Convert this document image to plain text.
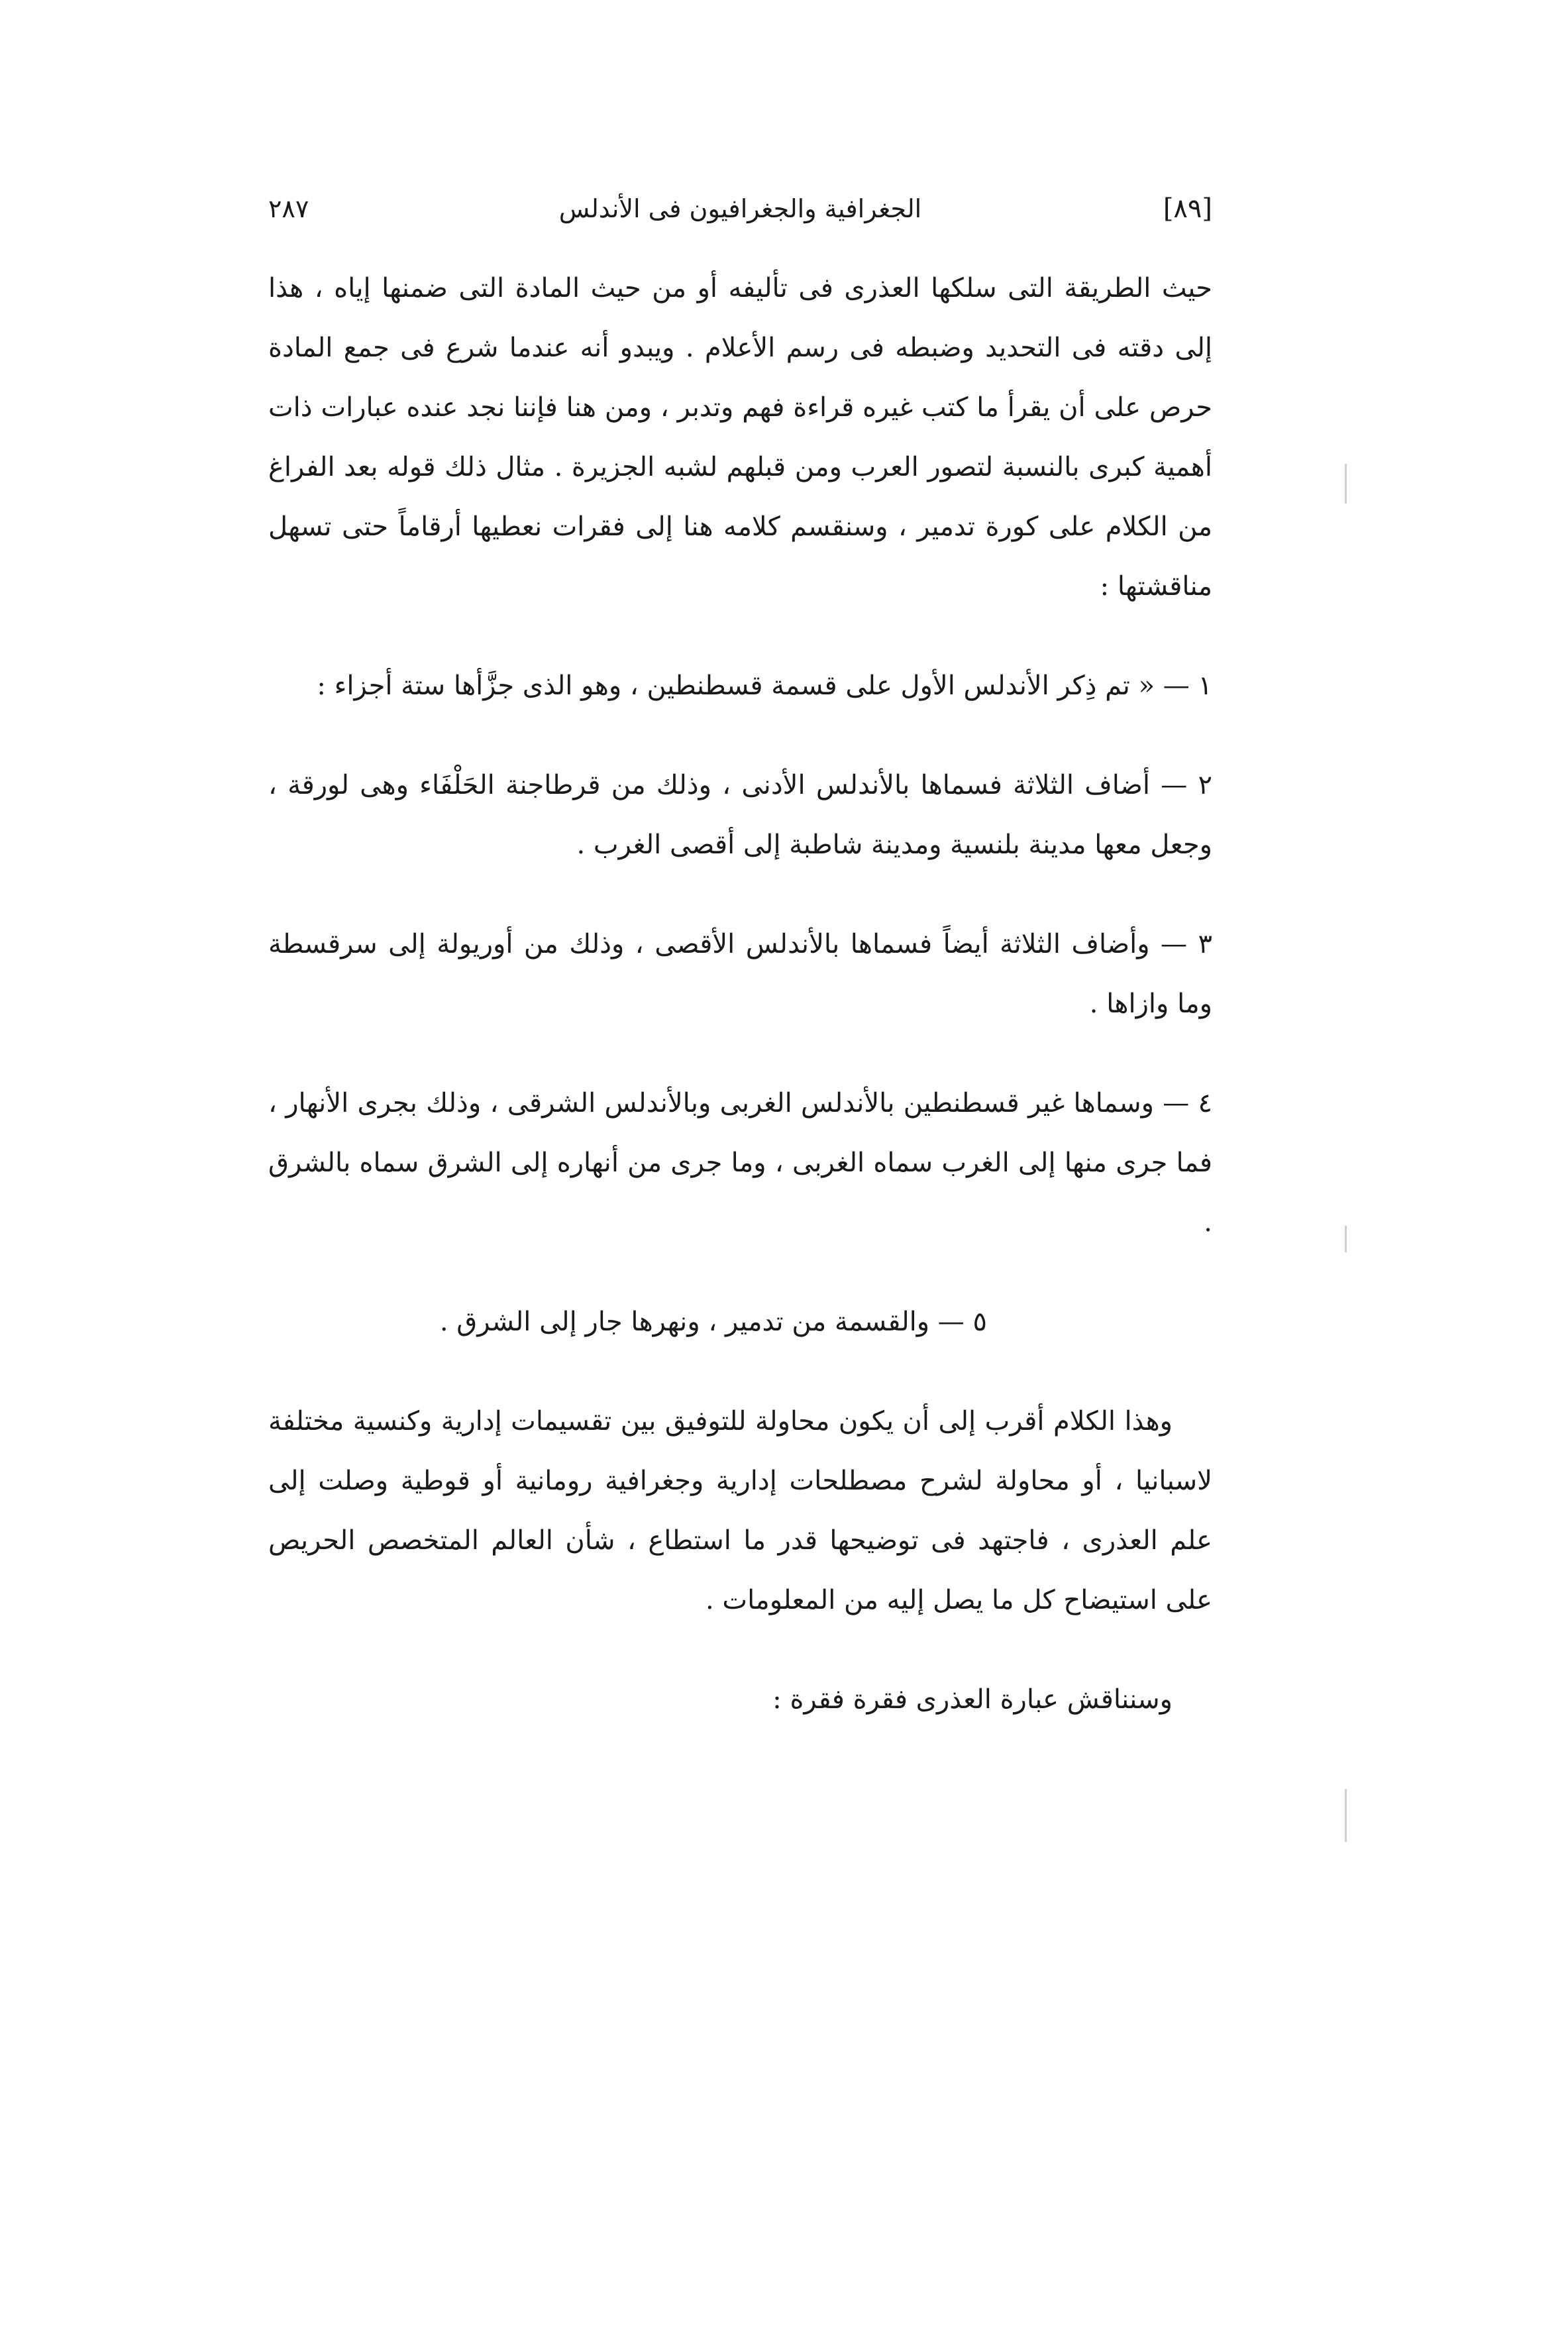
[٨٩]
الجغرافية والجغرافيون فى الأندلس
٢٨٧

حيث الطريقة التى سلكها العذرى فى تأليفه أو من حيث المادة التى ضمنها إياه ، هذا إلى دقته فى التحديد وضبطه فى رسم الأعلام . ويبدو أنه عندما شرع فى جمع المادة حرص على أن يقرأ ما كتب غيره قراءة فهم وتدبر ، ومن هنا فإننا نجد عنده عبارات ذات أهمية كبرى بالنسبة لتصور العرب ومن قبلهم لشبه الجزيرة . مثال ذلك قوله بعد الفراغ من الكلام على كورة تدمير ، وسنقسم كلامه هنا إلى فقرات نعطيها أرقاماً حتى تسهل مناقشتها :

١ — « تم ذِكر الأندلس الأول على قسمة قسطنطين ، وهو الذى جزَّأها ستة أجزاء :

٢ — أضاف الثلاثة فسماها بالأندلس الأدنى ، وذلك من قرطاجنة الحَلْفَاء وهى لورقة ، وجعل معها مدينة بلنسية ومدينة شاطبة إلى أقصى الغرب .

٣ — وأضاف الثلاثة أيضاً فسماها بالأندلس الأقصى ، وذلك من أوريولة إلى سرقسطة وما وازاها .

٤ — وسماها غير قسطنطين بالأندلس الغربى وبالأندلس الشرقى ، وذلك بجرى الأنهار ، فما جرى منها إلى الغرب سماه الغربى ، وما جرى من أنهاره إلى الشرق سماه بالشرق .

٥ — والقسمة من تدمير ، ونهرها جار إلى الشرق .

وهذا الكلام أقرب إلى أن يكون محاولة للتوفيق بين تقسيمات إدارية وكنسية مختلفة لاسبانيا ، أو محاولة لشرح مصطلحات إدارية وجغرافية رومانية أو قوطية وصلت إلى علم العذرى ، فاجتهد فى توضيحها قدر ما استطاع ، شأن العالم المتخصص الحريص على استيضاح كل ما يصل إليه من المعلومات .

وسنناقش عبارة العذرى فقرة فقرة :
